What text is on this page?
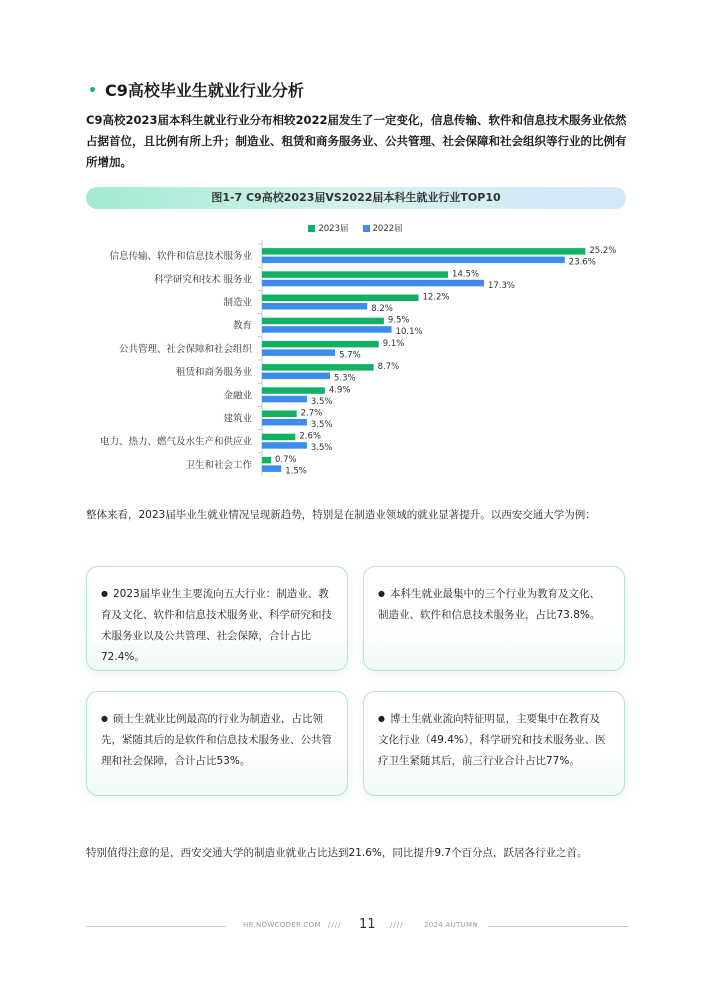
C9高校毕业生就业行业分析

C9高校2023届本科生就业行业分布相较2022届发生了一定变化，信息传输、软件和信息技术服务业依然占据首位，且比例有所上升；制造业、租赁和商务服务业、公共管理、社会保障和社会组织等行业的比例有所增加。

图1-7 C9高校2023届VS2022届本科生就业行业TOP10
2023届	2022届
信息传输、软件和信息技术服务业	25.2%
23.6%
科学研究和技术 服务业	14.5%
17.3%
制造业	12.2%
8.2%
教育	9.5%
10.1%
公共管理、社会保障和社会组织	9.1%
5.7%
租赁和商务服务业	8.7%
5.3%
金融业	4.9%
3.5%
建筑业	2.7%
3.5%
电力、热力、燃气及水生产和供应业	2.6%
3.5%
卫生和社会工作	0.7%
1.5%

整体来看，2023届毕业生就业情况呈现新趋势，特别是在制造业领域的就业显著提升。以西安交通大学为例：

● 2023届毕业生主要流向五大行业：制造业、教育及文化、软件和信息技术服务业、科学研究和技术服务业以及公共管理、社会保障，合计占比72.4%。
● 本科生就业最集中的三个行业为教育及文化、制造业、软件和信息技术服务业，占比73.8%。
● 硕士生就业比例最高的行业为制造业，占比领先，紧随其后的是软件和信息技术服务业、公共管理和社会保障，合计占比53%。
● 博士生就业流向特征明显，主要集中在教育及文化行业（49.4%），科学研究和技术服务业、医疗卫生紧随其后，前三行业合计占比77%。

特别值得注意的是，西安交通大学的制造业就业占比达到21.6%，同比提升9.7个百分点，跃居各行业之首。

HR.NOWCODER.COM //// 11 ////	2024 AUTUMN
